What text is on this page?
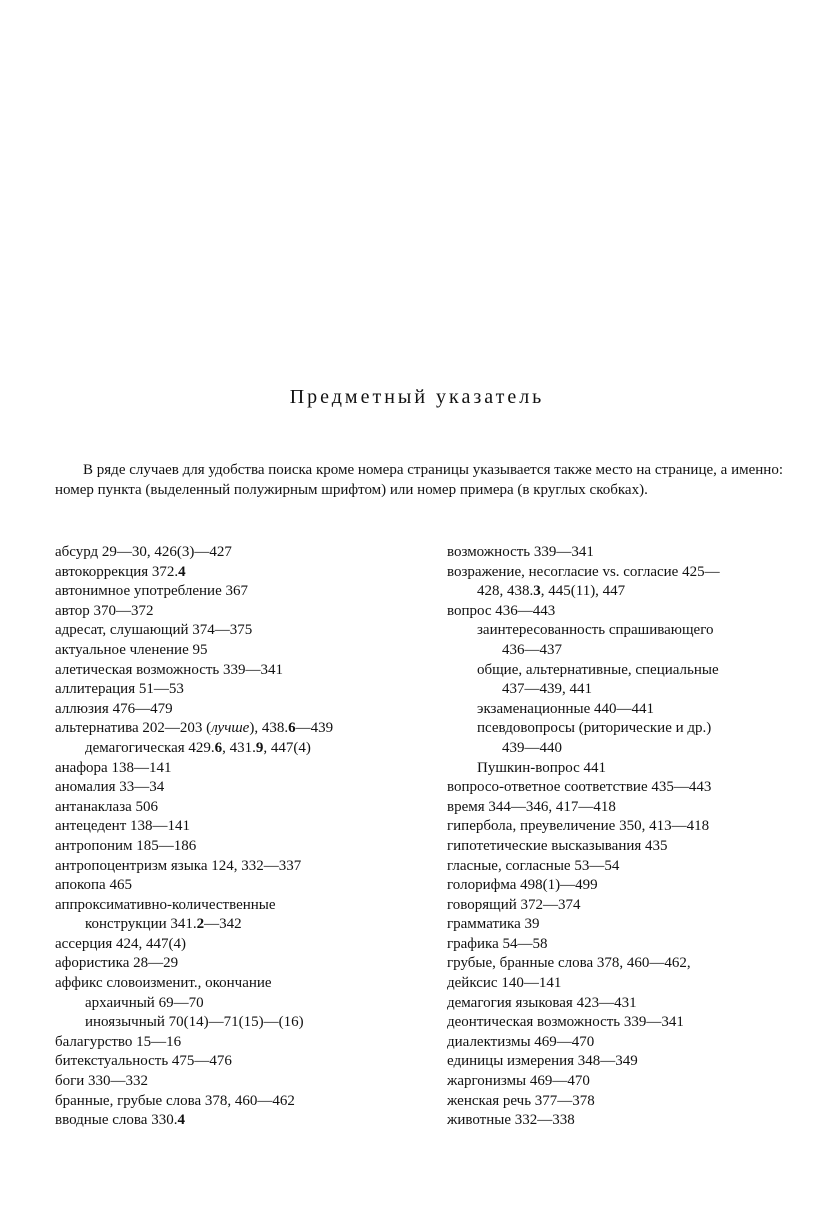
Предметный указатель
В ряде случаев для удобства поиска кроме номера страницы указывается также место на странице, а именно: номер пункта (выделенный полужирным шрифтом) или номер примера (в круглых скобках).
абсурд 29—30, 426(3)—427
автокоррекция 372.4
автонимное употребление 367
автор 370—372
адресат, слушающий 374—375
актуальное членение 95
алетическая возможность 339—341
аллитерация 51—53
аллюзия 476—479
альтернатива 202—203 (лучше), 438.6—439
демагогическая 429.6, 431.9, 447(4)
анафора 138—141
аномалия 33—34
антанаклаза 506
антецедент 138—141
антропоним 185—186
антропоцентризм языка 124, 332—337
апокопа 465
аппроксимативно-количественные
конструкции 341.2—342
ассерция 424, 447(4)
афористика 28—29
аффикс словоизменит., окончание
архаичный 69—70
иноязычный 70(14)—71(15)—(16)
балагурство 15—16
битекстуальность 475—476
боги 330—332
бранные, грубые слова 378, 460—462
вводные слова 330.4
возможность 339—341
возражение, несогласие vs. согласие 425—
428, 438.3, 445(11), 447
вопрос 436—443
заинтересованность спрашивающего
436—437
общие, альтернативные, специальные
437—439, 441
экзаменационные 440—441
псевдовопросы (риторические и др.)
439—440
Пушкин-вопрос 441
вопросо-ответное соответствие 435—443
время 344—346, 417—418
гипербола, преувеличение 350, 413—418
гипотетические высказывания 435
гласные, согласные 53—54
голорифма 498(1)—499
говорящий 372—374
грамматика 39
графика 54—58
грубые, бранные слова 378, 460—462,
дейксис 140—141
демагогия языковая 423—431
деонтическая возможность 339—341
диалектизмы 469—470
единицы измерения 348—349
жаргонизмы 469—470
женская речь 377—378
животные 332—338
